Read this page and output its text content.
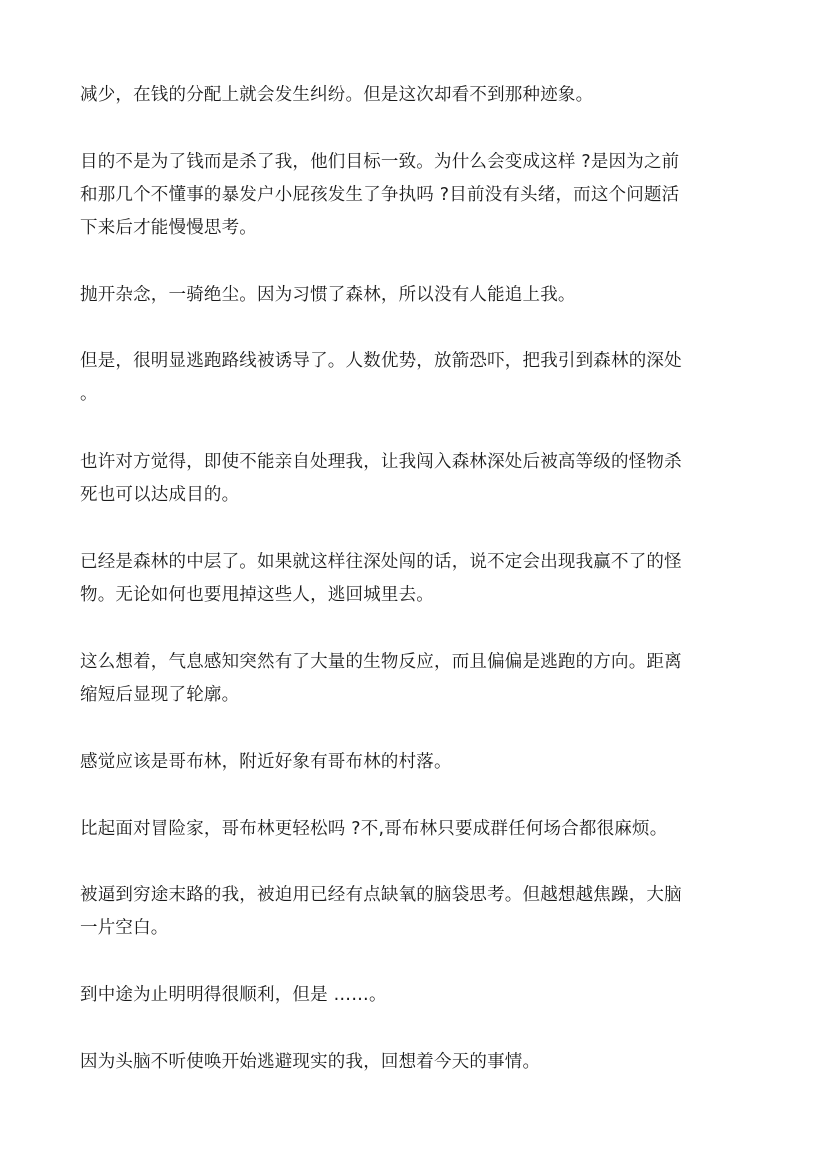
减少，在钱的分配上就会发生纠纷。但是这次却看不到那种迹象。

目的不是为了钱而是杀了我，他们目标一致。为什么会变成这样 ?是因为之前
和那几个不懂事的暴发户小屁孩发生了争执吗 ?目前没有头绪，而这个问题活
下来后才能慢慢思考。

抛开杂念，一骑绝尘。因为习惯了森林，所以没有人能追上我。

但是，很明显逃跑路线被诱导了。人数优势，放箭恐吓，把我引到森林的深处
。

也许对方觉得，即使不能亲自处理我，让我闯入森林深处后被高等级的怪物杀
死也可以达成目的。

已经是森林的中层了。如果就这样往深处闯的话，说不定会出现我赢不了的怪
物。无论如何也要甩掉这些人，逃回城里去。

这么想着，气息感知突然有了大量的生物反应，而且偏偏是逃跑的方向。距离
缩短后显现了轮廓。

感觉应该是哥布林，附近好象有哥布林的村落。

比起面对冒险家，哥布林更轻松吗 ?不,哥布林只要成群任何场合都很麻烦。

被逼到穷途末路的我，被迫用已经有点缺氧的脑袋思考。但越想越焦躁，大脑
一片空白。

到中途为止明明得很顺利，但是 ……。

因为头脑不听使唤开始逃避现实的我，回想着今天的事情。
